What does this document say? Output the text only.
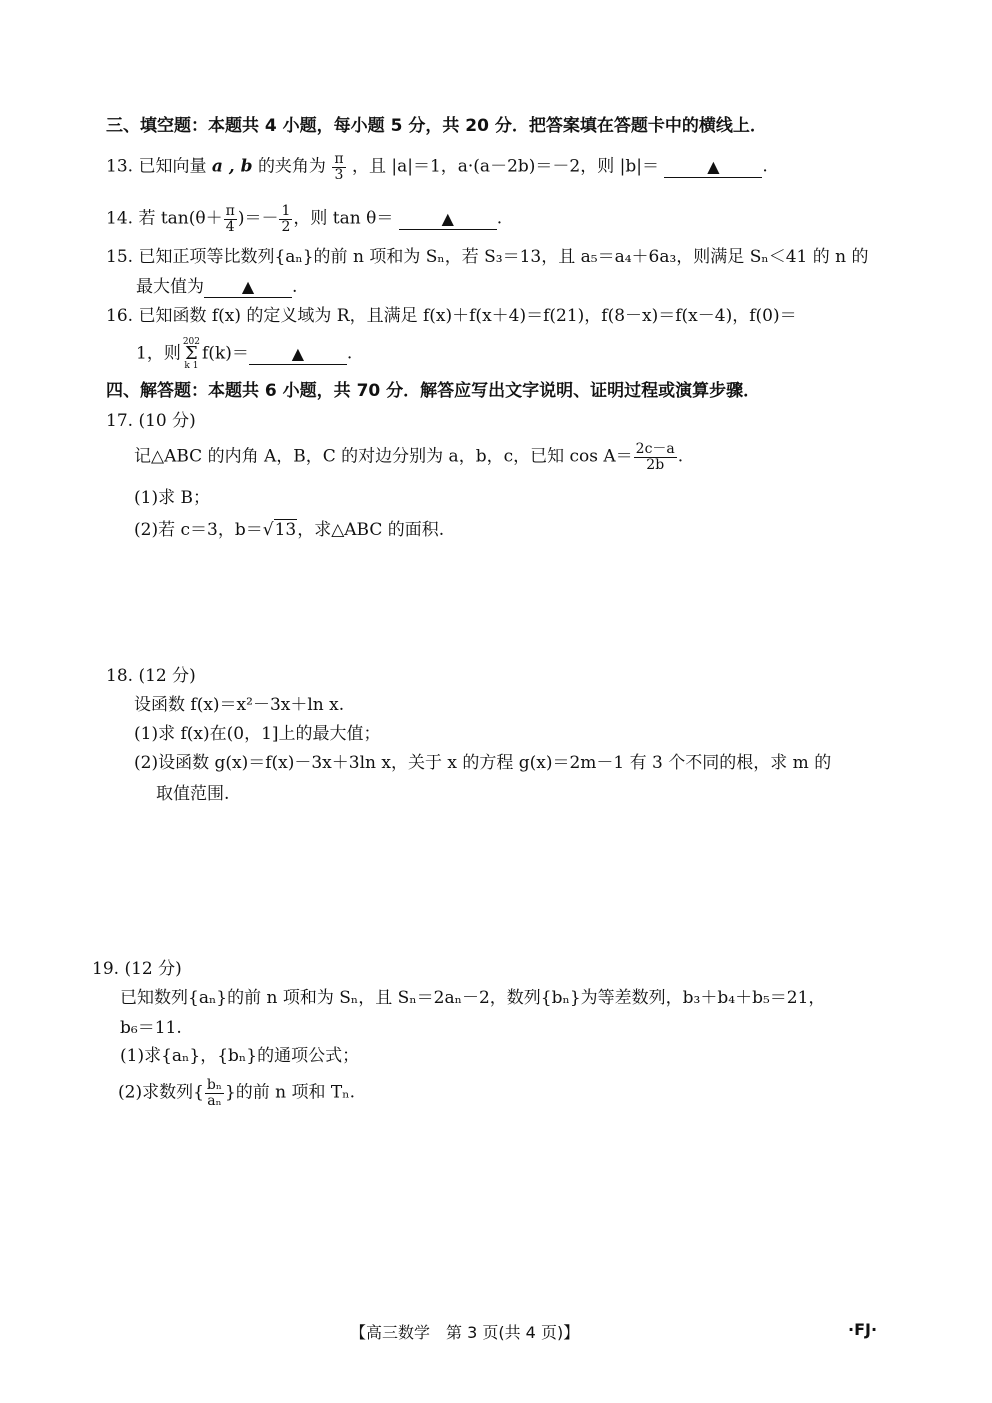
三、填空题：本题共 4 小题，每小题 5 分，共 20 分．把答案填在答题卡中的横线上．
13. 已知向量 a , b 的夹角为 $\frac{\pi}{3}$ ，且 |a|＝1，a·(a－2b)＝－2，则 |b|＝	▲	.
14. 若 $\tan(\theta+ \frac{\pi}{4}$ )＝－ $\frac{1}{2}$ ，则 tan θ＝	▲	.
15. 已知正项等比数列{aₙ}的前 n 项和为 Sₙ，若 S₃＝13，且 a₅＝a₄＋6a₃，则满足 Sₙ＜41 的 n 的
最大值为 ▲ .
16. 已知函数 f(x) 的定义域为 R，且满足 f(x)＋f(x＋4)＝f(21)，f(8－x)＝f(x－4)，f(0)＝
1，则
202
Σ
k 1
f(k)＝	▲	.
四、解答题：本题共 6 小题，共 70 分．解答应写出文字说明、证明过程或演算步骤．
17. (10 分)
记△ABC 的内角 A，B，C 的对边分别为 a，b，c，已知 $\cos A= \frac{2c-a}{2b}$ .
(1)求 B；
(2)若 c＝3，b＝√13，求△ABC 的面积.
18. (12 分)
设函数 f(x)＝x²－3x＋ln x.
(1)求 f(x)在(0，1]上的最大值；
(2)设函数 g(x)＝f(x)－3x＋3ln x，关于 x 的方程 g(x)＝2m－1 有 3 个不同的根，求 m 的
取值范围.
19. (12 分)
已知数列{aₙ}的前 n 项和为 Sₙ，且 Sₙ＝2aₙ－2，数列{bₙ}为等差数列，b₃＋b₄＋b₅＝21，
b₆＝11.
(1)求{aₙ}，{bₙ}的通项公式；
(2)求数列{ $\frac{\text{bₙ}}{\text{aₙ}}$ }的前 n 项和 Tₙ.
【高三数学　第 3 页(共 4 页)】	·FJ·
